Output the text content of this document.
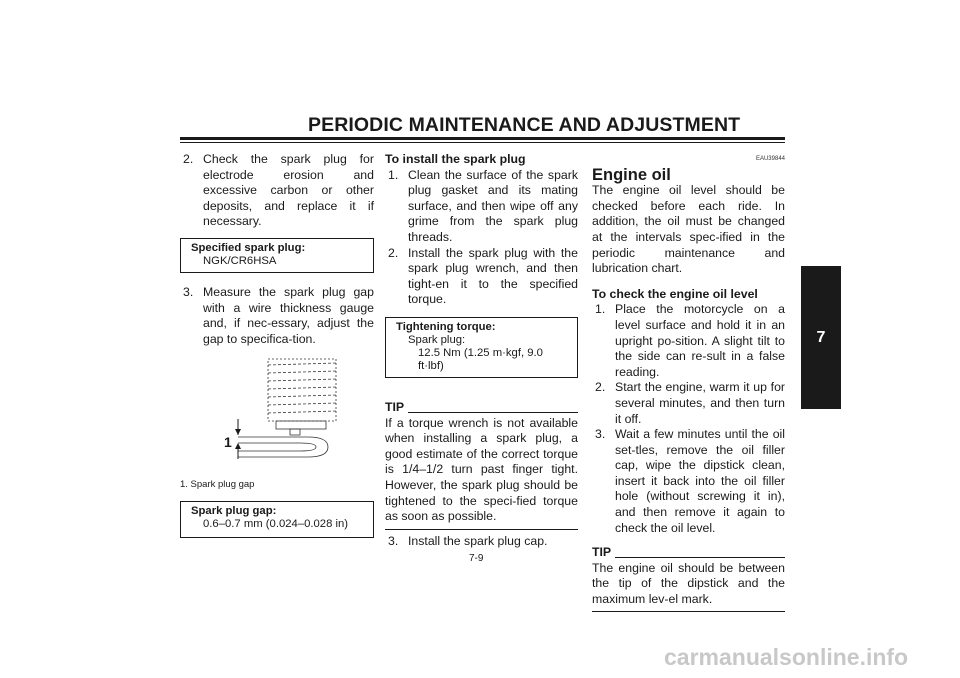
PERIODIC MAINTENANCE AND ADJUSTMENT
2. Check the spark plug for electrode erosion and excessive carbon or other deposits, and replace it if necessary.
Specified spark plug:
NGK/CR6HSA
3. Measure the spark plug gap with a wire thickness gauge and, if nec-essary, adjust the gap to specifica-tion.
1
1. Spark plug gap
Spark plug gap:
0.6–0.7 mm (0.024–0.028 in)
To install the spark plug
1. Clean the surface of the spark plug gasket and its mating surface, and then wipe off any grime from the spark plug threads.
2. Install the spark plug with the spark plug wrench, and then tight-en it to the specified torque.
Tightening torque:
Spark plug:
12.5 Nm (1.25 m·kgf, 9.0 ft·lbf)
TIP
If a torque wrench is not available when installing a spark plug, a good estimate of the correct torque is 1/4–1/2 turn past finger tight. However, the spark plug should be tightened to the speci-fied torque as soon as possible.
3. Install the spark plug cap.
EAU39844
Engine oil
The engine oil level should be checked before each ride. In addition, the oil must be changed at the intervals spec-ified in the periodic maintenance and lubrication chart.
To check the engine oil level
1. Place the motorcycle on a level surface and hold it in an upright po-sition. A slight tilt to the side can re-sult in a false reading.
2. Start the engine, warm it up for several minutes, and then turn it off.
3. Wait a few minutes until the oil set-tles, remove the oil filler cap, wipe the dipstick clean, insert it back into the oil filler hole (without screwing it in), and then remove it again to check the oil level.
TIP
The engine oil should be between the tip of the dipstick and the maximum lev-el mark.
7-9
7
carmanualsonline.info
